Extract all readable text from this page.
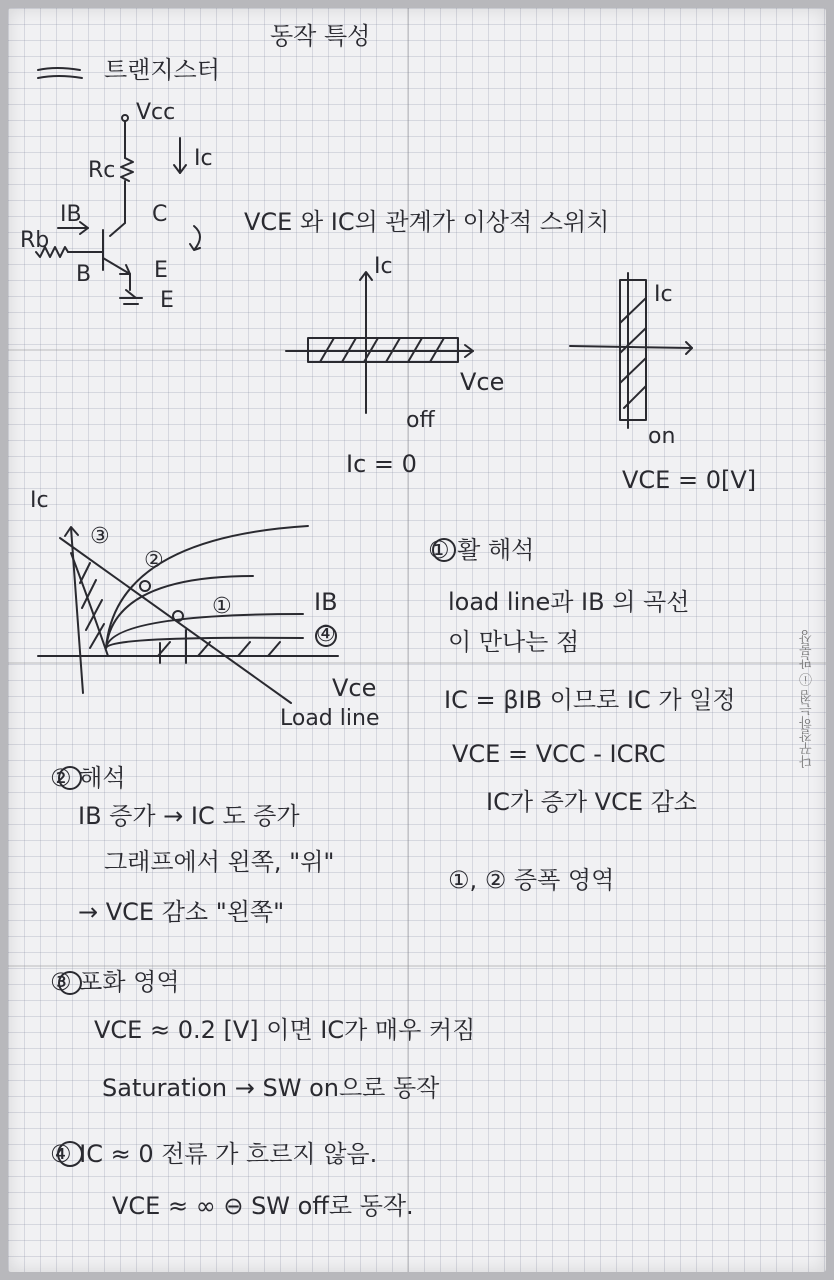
동작 특성
트랜지스터
Vcc
Ic
Rc
Rb
IB	C
B	E
E
VCE 와 IC의 관계가 이상적 스위치
Ic
Vce
off
Ic = 0
Ic
on
VCE = 0[V]
Ic
Vce
IB
Load line
①
②
③
④
① 활 해석
load line과 IB 의 곡선
이 만나는 점
IC = βIB 이므로 IC 가 일정
VCE = VCC - ICRC
IC가 증가 VCE 감소
①, ② 증폭 영역
② 해석
IB 증가 → IC 도 증가
그래프에서 왼쪽, "위"
→ VCE 감소 "왼쪽"
③ 포화 영역
VCE ≈ 0.2 [V] 이면 IC가 매우 커짐
Saturation → SW on으로 동작
④ IC ≈ 0 전류 가 흐르지 않음.
VCE ≈ ∞ ⊖ SW off로 동작.
다꾸잘하는점 ⓘ 만물상
